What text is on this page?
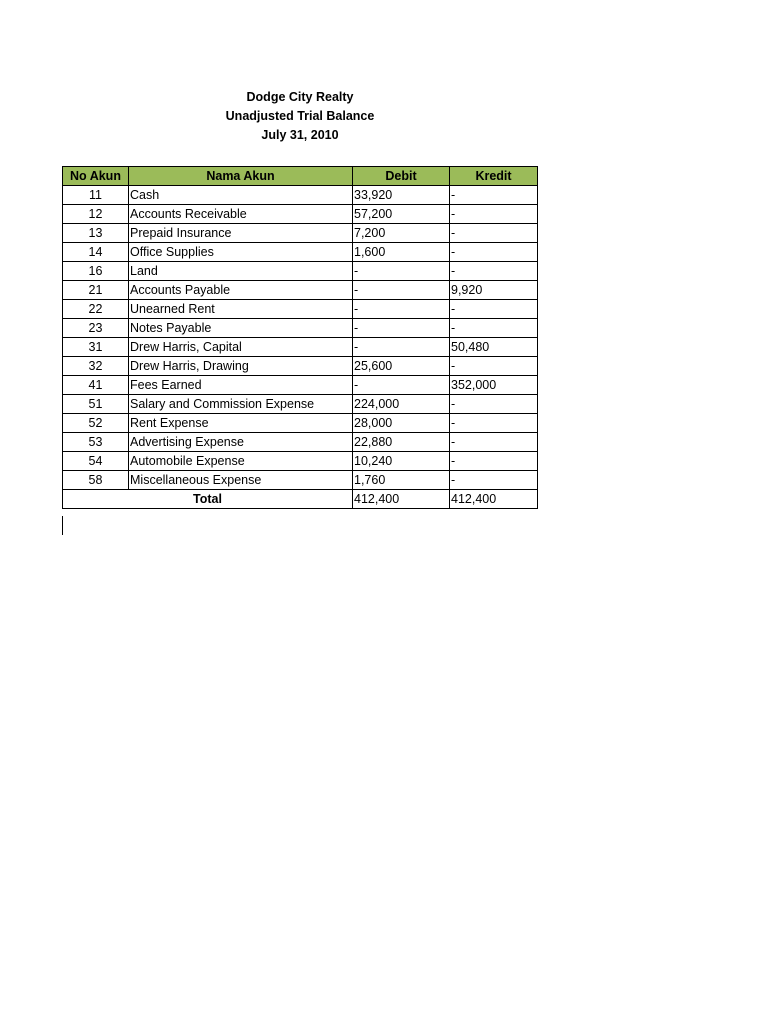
Dodge City Realty
Unadjusted Trial Balance
July 31, 2010
No Akun	Nama Akun	Debit	Kredit
11	Cash	33,920	-
12	Accounts Receivable	57,200	-
13	Prepaid Insurance	7,200	-
14	Office Supplies	1,600	-
16	Land	-	-
21	Accounts Payable	-	9,920
22	Unearned Rent	-	-
23	Notes Payable	-	-
31	Drew Harris, Capital	-	50,480
32	Drew Harris, Drawing	25,600	-
41	Fees Earned	-	352,000
51	Salary and Commission Expense	224,000	-
52	Rent Expense	28,000	-
53	Advertising Expense	22,880	-
54	Automobile Expense	10,240	-
58	Miscellaneous Expense	1,760	-
Total		412,400	412,400
